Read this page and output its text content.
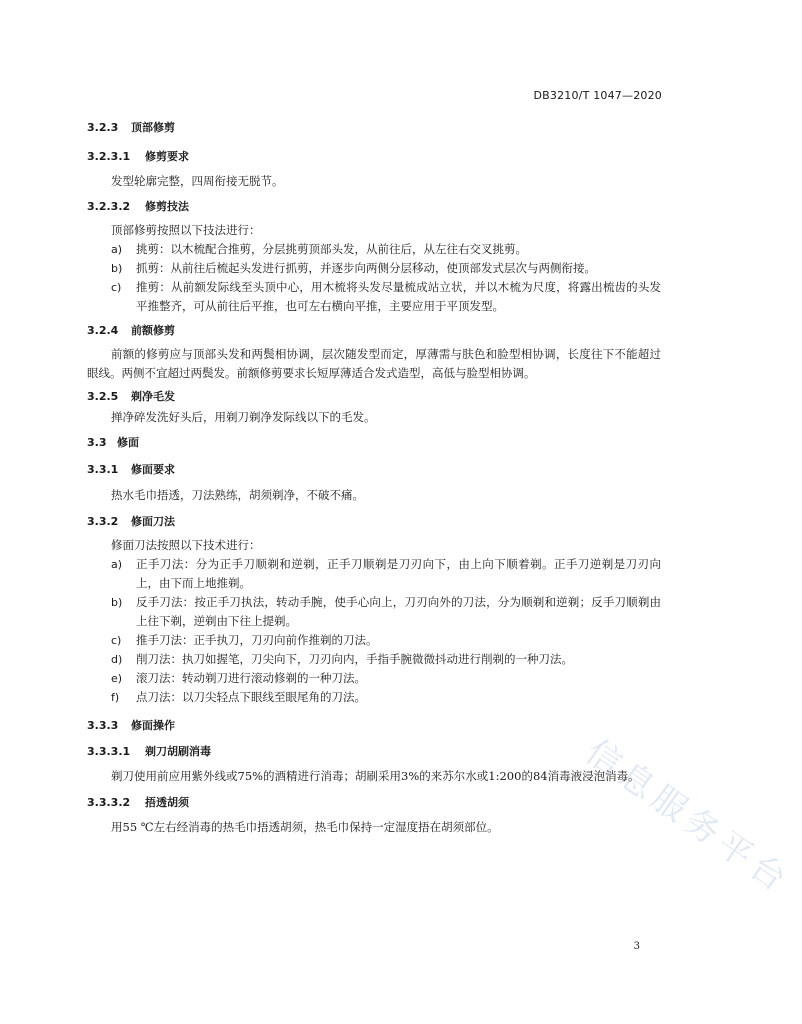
DB3210/T 1047—2020
信息服务平台
3.2.3 顶部修剪
3.2.3.1 修剪要求

发型轮廓完整，四周衔接无脱节。

3.2.3.2 修剪技法

顶部修剪按照以下技法进行：

a) 挑剪：以木梳配合推剪，分层挑剪顶部头发，从前往后，从左往右交叉挑剪。
b) 抓剪：从前往后梳起头发进行抓剪，并逐步向两侧分层移动，使顶部发式层次与两侧衔接。
c) 推剪：从前额发际线至头顶中心，用木梳将头发尽量梳成站立状，并以木梳为尺度，将露出梳齿的头发平推整齐，可从前往后平推，也可左右横向平推，主要应用于平顶发型。
3.2.4 前额修剪

前额的修剪应与顶部头发和两鬓相协调，层次随发型而定，厚薄需与肤色和脸型相协调，长度往下不能超过眼线。两侧不宜超过两鬓发。前额修剪要求长短厚薄适合发式造型，高低与脸型相协调。

3.2.5 剃净毛发

掸净碎发洗好头后，用剃刀剃净发际线以下的毛发。

3.3 修面
3.3.1 修面要求

热水毛巾捂透，刀法熟练，胡须剃净，不破不痛。

3.3.2 修面刀法

修面刀法按照以下技术进行：

a) 正手刀法：分为正手刀顺剃和逆剃，正手刀顺剃是刀刃向下，由上向下顺着剃。正手刀逆剃是刀刃向上，由下而上地推剃。
b) 反手刀法：按正手刀执法，转动手腕，使手心向上，刀刃向外的刀法，分为顺剃和逆剃；反手刀顺剃由上往下剃，逆剃由下往上提剃。
c) 推手刀法：正手执刀，刀刃向前作推剃的刀法。
d) 削刀法：执刀如握笔，刀尖向下，刀刃向内，手指手腕微微抖动进行削剃的一种刀法。
e) 滚刀法：转动剃刀进行滚动修剃的一种刀法。
f) 点刀法：以刀尖轻点下眼线至眼尾角的刀法。
3.3.3 修面操作
3.3.3.1 剃刀胡刷消毒

剃刀使用前应用紫外线或75%的酒精进行消毒；胡刷采用3%的来苏尔水或1:200的84消毒液浸泡消毒。

3.3.3.2 捂透胡须

用55 ℃左右经消毒的热毛巾捂透胡须，热毛巾保持一定湿度捂在胡须部位。

3
